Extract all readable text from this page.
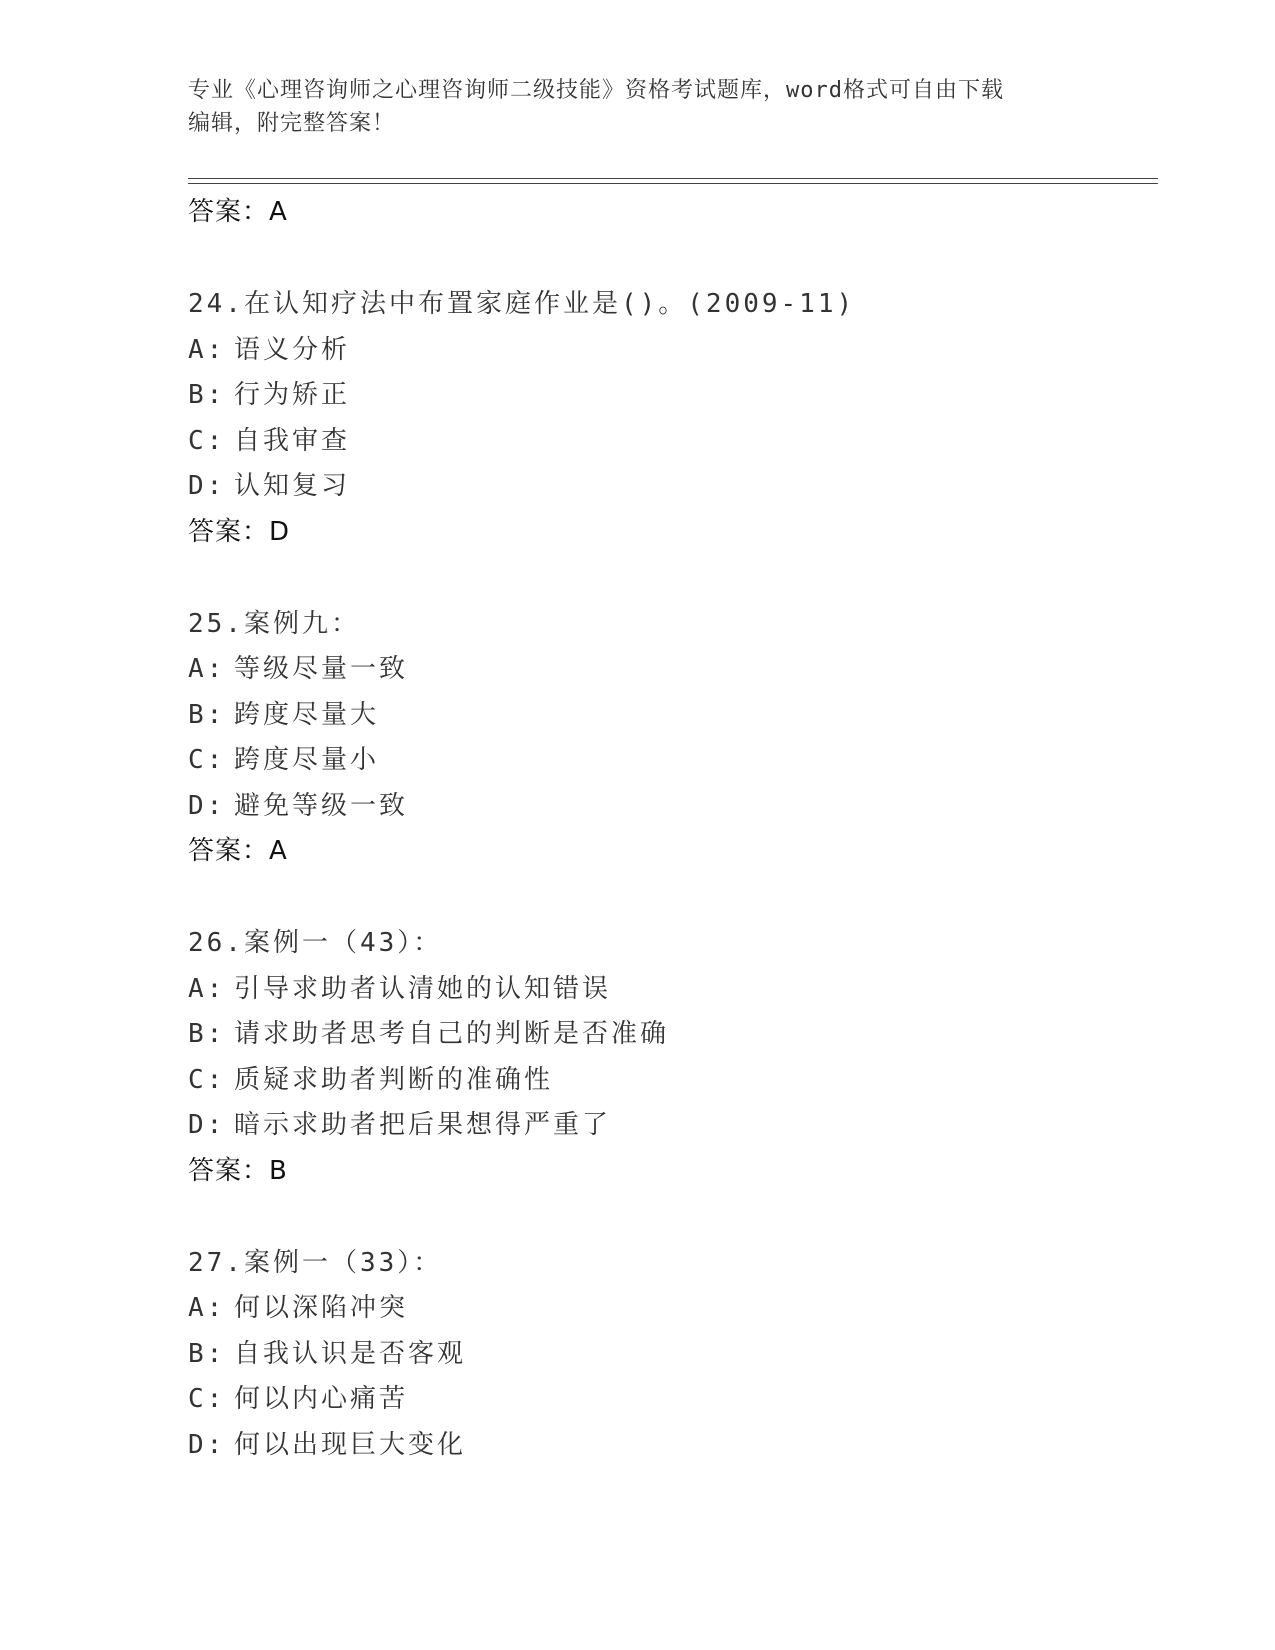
专业《心理咨询师之心理咨询师二级技能》资格考试题库，word格式可自由下载
编辑，附完整答案！
答案：A
24.在认知疗法中布置家庭作业是()。(2009-11)
A: 语义分析
B: 行为矫正
C: 自我审查
D: 认知复习
答案：D
25.案例九：
A: 等级尽量一致
B: 跨度尽量大
C: 跨度尽量小
D: 避免等级一致
答案：A
26.案例一（43）：
A: 引导求助者认清她的认知错误
B: 请求助者思考自己的判断是否准确
C: 质疑求助者判断的准确性
D: 暗示求助者把后果想得严重了
答案：B
27.案例一（33）：
A: 何以深陷冲突
B: 自我认识是否客观
C: 何以内心痛苦
D: 何以出现巨大变化
